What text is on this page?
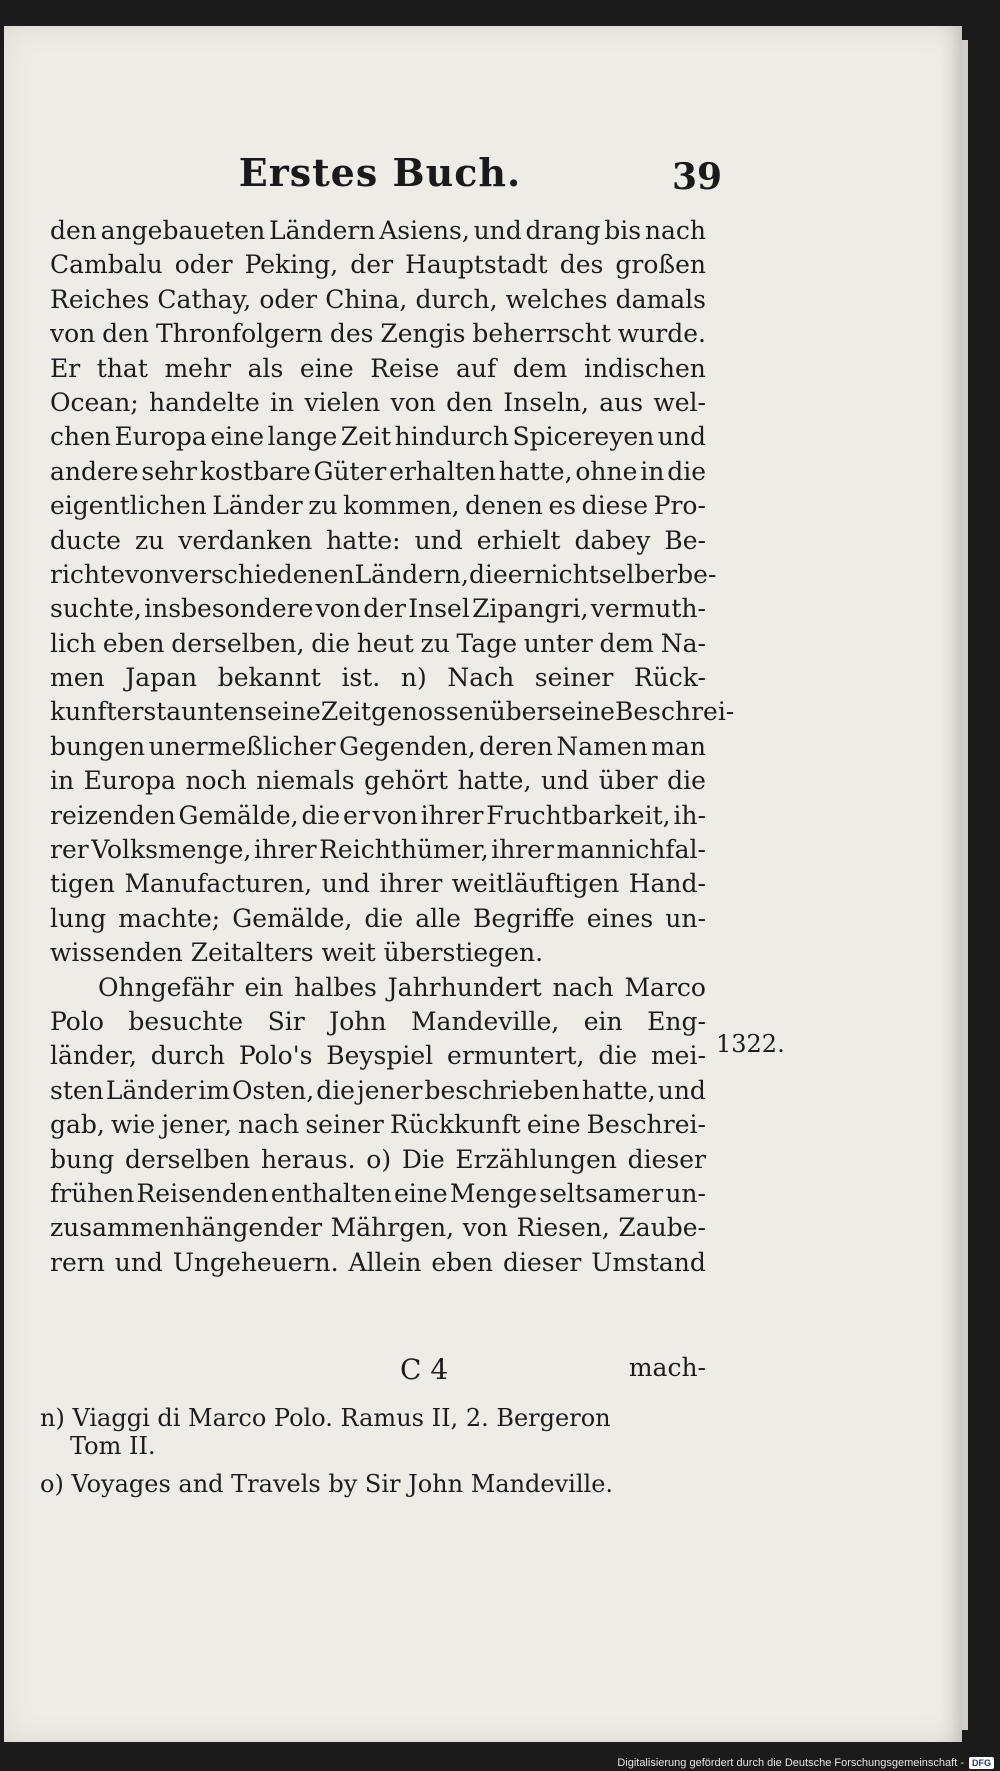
Erstes Buch.	39
den angebaueten Ländern Asiens, und drang bis nach
Cambalu oder Peking, der Hauptstadt des großen
Reiches Cathay, oder China, durch, welches damals
von den Thronfolgern des Zengis beherrscht wurde.
Er that mehr als eine Reise auf dem indischen
Ocean; handelte in vielen von den Inseln, aus wel-
chen Europa eine lange Zeit hindurch Spicereyen und
andere sehr kostbare Güter erhalten hatte, ohne in die
eigentlichen Länder zu kommen, denen es diese Pro-
ducte zu verdanken hatte: und erhielt dabey Be-
richte von verschiedenen Ländern, die er nicht selber be-
suchte, insbesondere von der Insel Zipangri, vermuth-
lich eben derselben, die heut zu Tage unter dem Na-
men Japan bekannt ist. n) Nach seiner Rück-
kunft erstaunten seine Zeitgenossen über seine Beschrei-
bungen unermeßlicher Gegenden, deren Namen man
in Europa noch niemals gehört hatte, und über die
reizenden Gemälde, die er von ihrer Fruchtbarkeit, ih-
rer Volksmenge, ihrer Reichthümer, ihrer mannichfal-
tigen Manufacturen, und ihrer weitläuftigen Hand-
lung machte; Gemälde, die alle Begriffe eines un-
wissenden Zeitalters weit überstiegen.
Ohngefähr ein halbes Jahrhundert nach Marco
Polo besuchte Sir John Mandeville, ein Eng-
länder, durch Polo's Beyspiel ermuntert, die mei-
sten Länder im Osten, die jener beschrieben hatte, und
gab, wie jener, nach seiner Rückkunft eine Beschrei-
bung derselben heraus. o) Die Erzählungen dieser
frühen Reisenden enthalten eine Menge seltsamer un-
zusammenhängender Mährgen, von Riesen, Zaube-
rern und Ungeheuern. Allein eben dieser Umstand
1322.
C 4	mach-
n) Viaggi di Marco Polo. Ramus II, 2. Bergeron
Tom II.
o) Voyages and Travels by Sir John Mandeville.
Digitalisierung gefördert durch die Deutsche Forschungsgemeinschaft - DFG
